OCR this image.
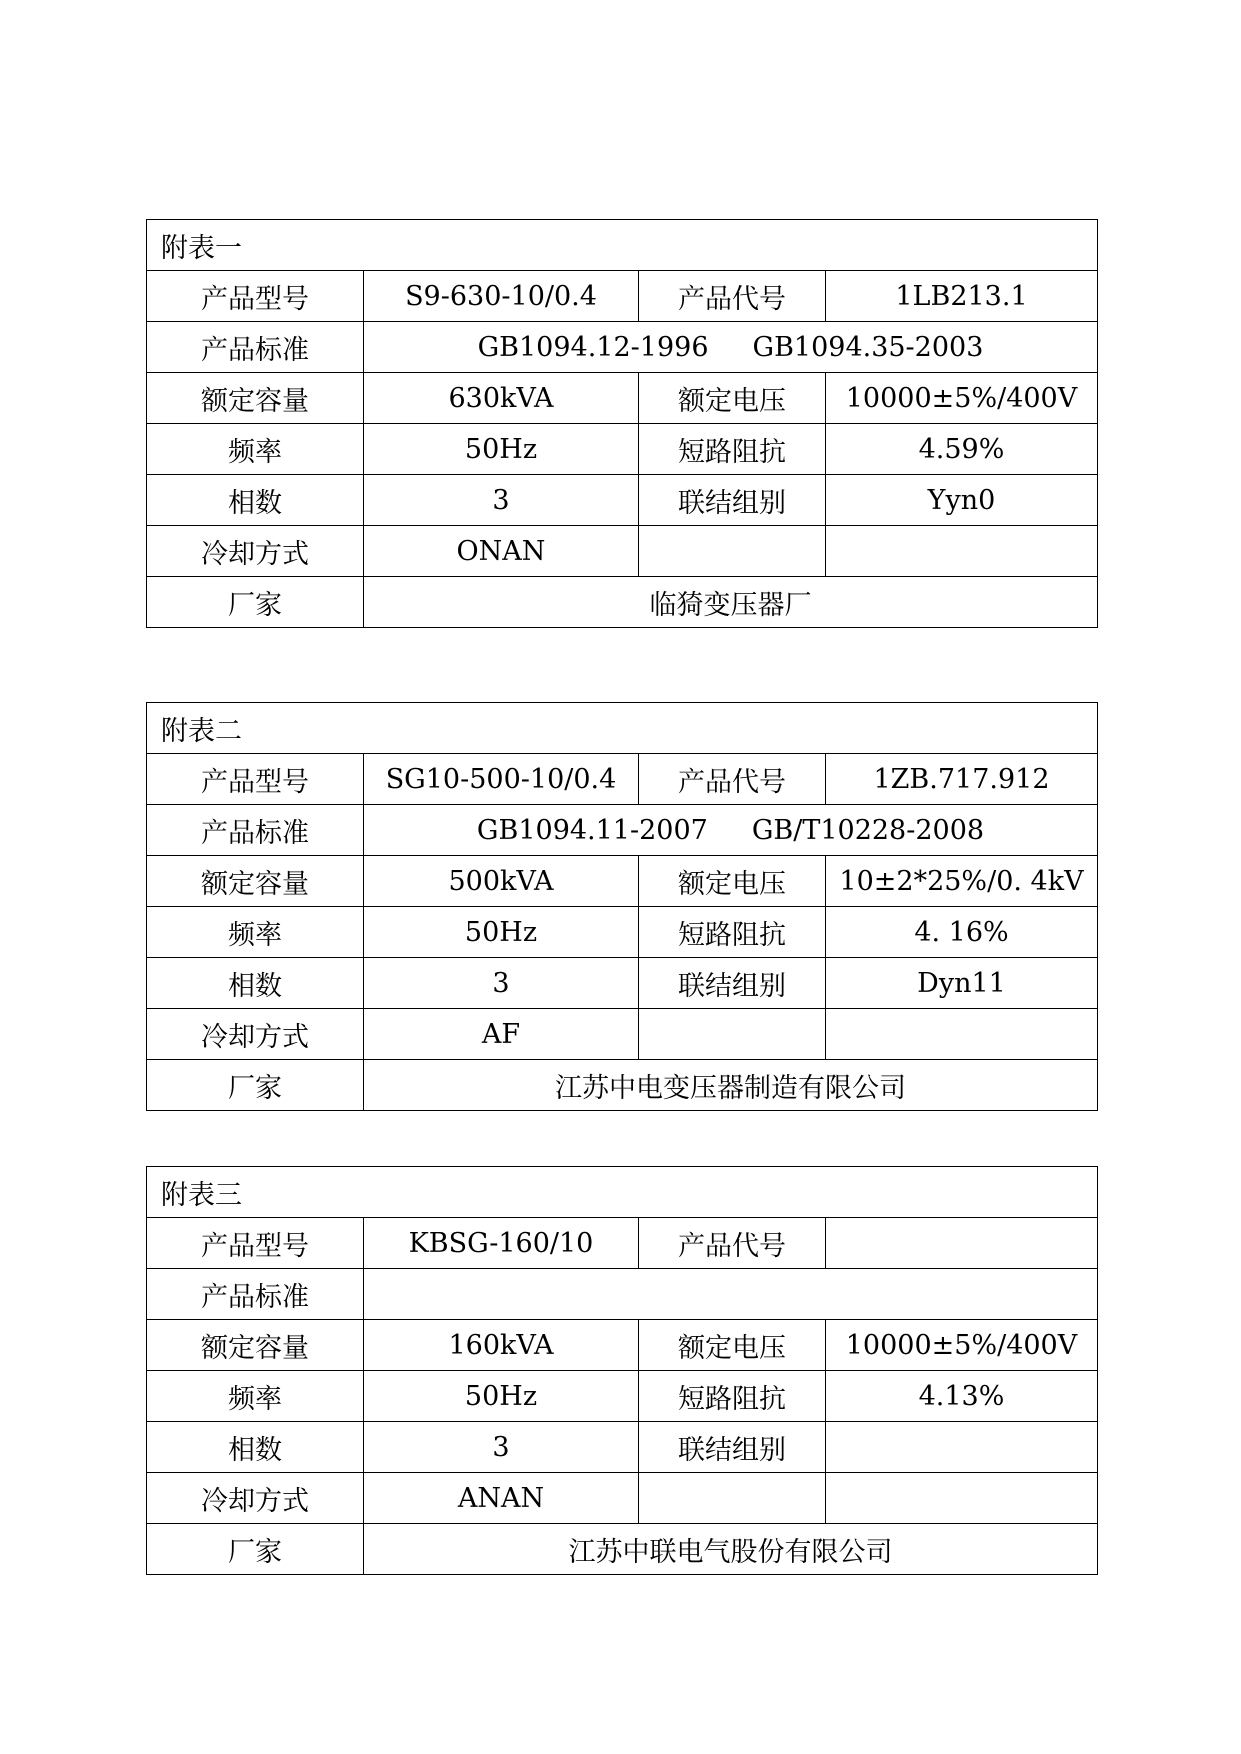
附表一			
产品型号	S9-630-10/0.4	产品代号	1LB213.1
产品标准	GB1094.12-1996 GB1094.35-2003		
额定容量	630kVA	额定电压	10000±5%/400V
频率	50Hz	短路阻抗	4.59%
相数	3	联结组别	Yyn0
冷却方式	ONAN		
厂家	临猗变压器厂		
附表二			
产品型号	SG10-500-10/0.4	产品代号	1ZB.717.912
产品标准	GB1094.11-2007 GB/T10228-2008		
额定容量	500kVA	额定电压	10±2*25%/0. 4kV
频率	50Hz	短路阻抗	4. 16%
相数	3	联结组别	Dyn11
冷却方式	AF		
厂家	江苏中电变压器制造有限公司		
附表三			
产品型号	KBSG-160/10	产品代号	
产品标准			
额定容量	160kVA	额定电压	10000±5%/400V
频率	50Hz	短路阻抗	4.13%
相数	3	联结组别	
冷却方式	ANAN		
厂家	江苏中联电气股份有限公司		
